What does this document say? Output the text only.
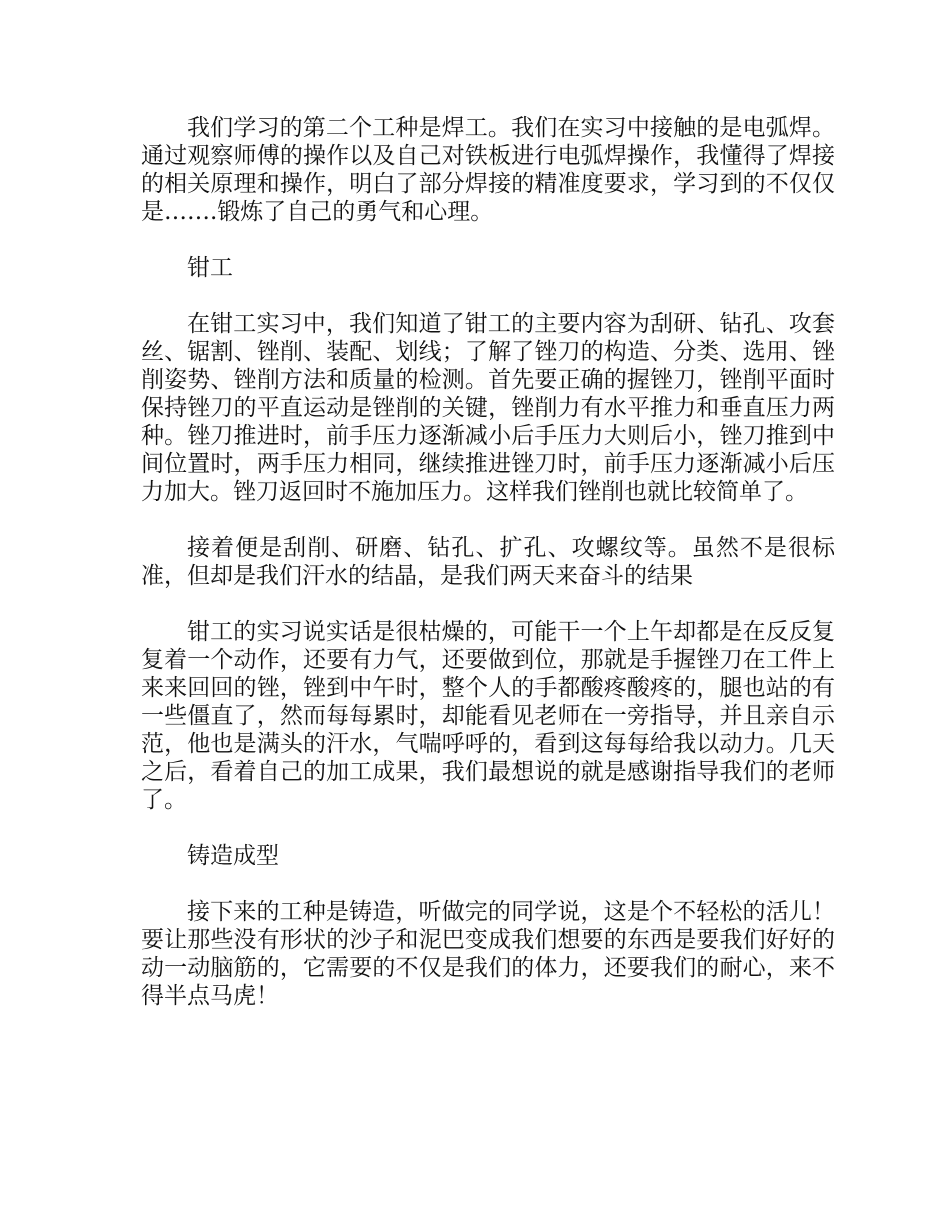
我们学习的第二个工种是焊工。我们在实习中接触的是电弧焊。通过观察师傅的操作以及自己对铁板进行电弧焊操作，我懂得了焊接的相关原理和操作，明白了部分焊接的精准度要求，学习到的不仅仅是…….锻炼了自己的勇气和心理。

钳工

在钳工实习中，我们知道了钳工的主要内容为刮研、钻孔、攻套丝、锯割、锉削、装配、划线；了解了锉刀的构造、分类、选用、锉削姿势、锉削方法和质量的检测。首先要正确的握锉刀，锉削平面时保持锉刀的平直运动是锉削的关键，锉削力有水平推力和垂直压力两种。锉刀推进时，前手压力逐渐减小后手压力大则后小，锉刀推到中间位置时，两手压力相同，继续推进锉刀时，前手压力逐渐减小后压力加大。锉刀返回时不施加压力。这样我们锉削也就比较简单了。

接着便是刮削、研磨、钻孔、扩孔、攻螺纹等。虽然不是很标准，但却是我们汗水的结晶，是我们两天来奋斗的结果

钳工的实习说实话是很枯燥的，可能干一个上午却都是在反反复复着一个动作，还要有力气，还要做到位，那就是手握锉刀在工件上来来回回的锉，锉到中午时，整个人的手都酸疼酸疼的，腿也站的有一些僵直了，然而每每累时，却能看见老师在一旁指导，并且亲自示范，他也是满头的汗水，气喘呼呼的，看到这每每给我以动力。几天之后，看着自己的加工成果，我们最想说的就是感谢指导我们的老师了。

铸造成型

接下来的工种是铸造，听做完的同学说，这是个不轻松的活儿！要让那些没有形状的沙子和泥巴变成我们想要的东西是要我们好好的动一动脑筋的，它需要的不仅是我们的体力，还要我们的耐心，来不得半点马虎！
